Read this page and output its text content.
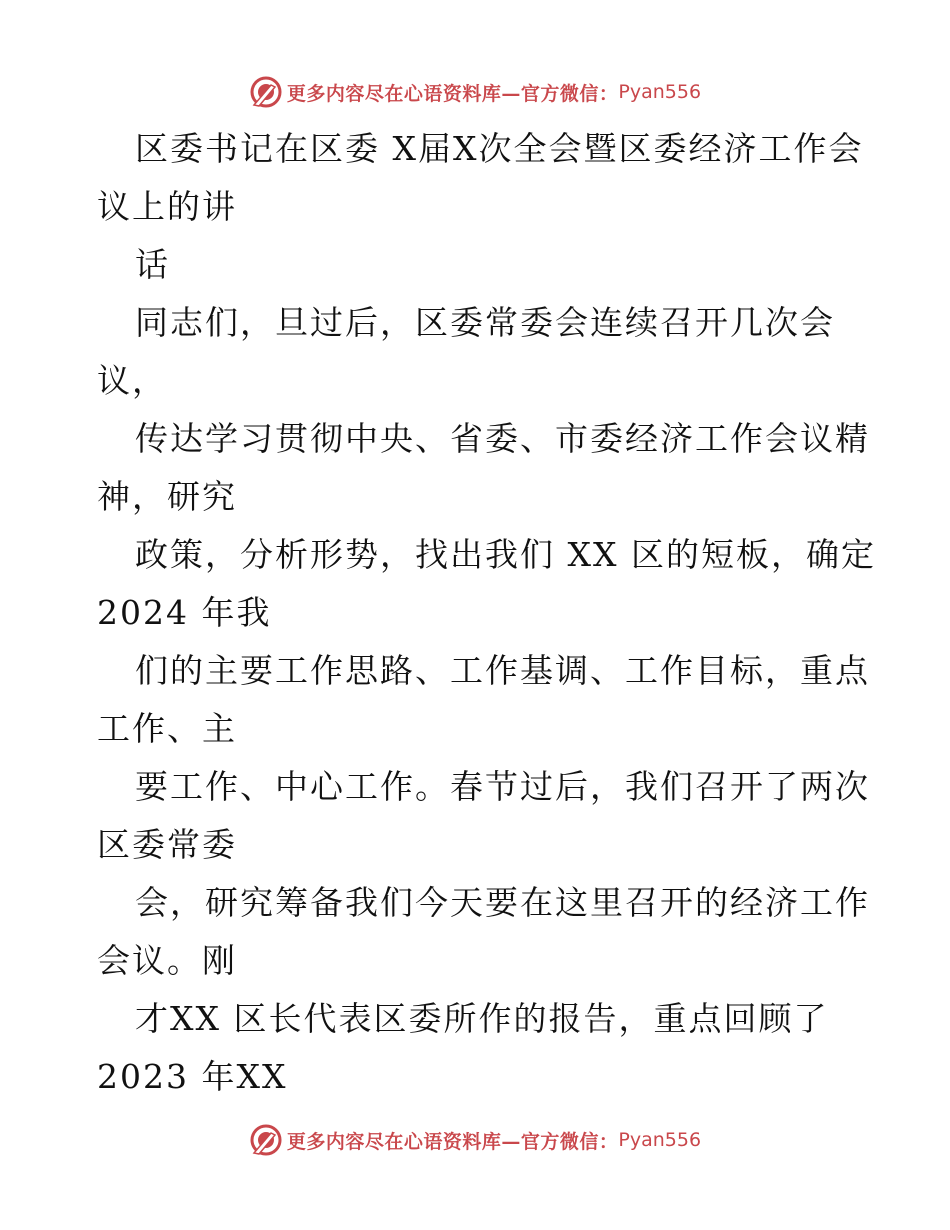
更多内容尽在心语资料库—官方微信： Pyan556
区委书记在区委 X届X次全会暨区委经济工作会
议上的讲
话
同志们，旦过后，区委常委会连续召开几次会
议，
传达学习贯彻中央、省委、市委经济工作会议精
神，研究
政策，分析形势，找出我们 XX 区的短板，确定
2024 年我
们的主要工作思路、工作基调、工作目标，重点
工作、主
要工作、中心工作。春节过后，我们召开了两次
区委常委
会，研究筹备我们今天要在这里召开的经济工作
会议。刚
才XX 区长代表区委所作的报告，重点回顾了
2023 年XX
更多内容尽在心语资料库—官方微信： Pyan556
